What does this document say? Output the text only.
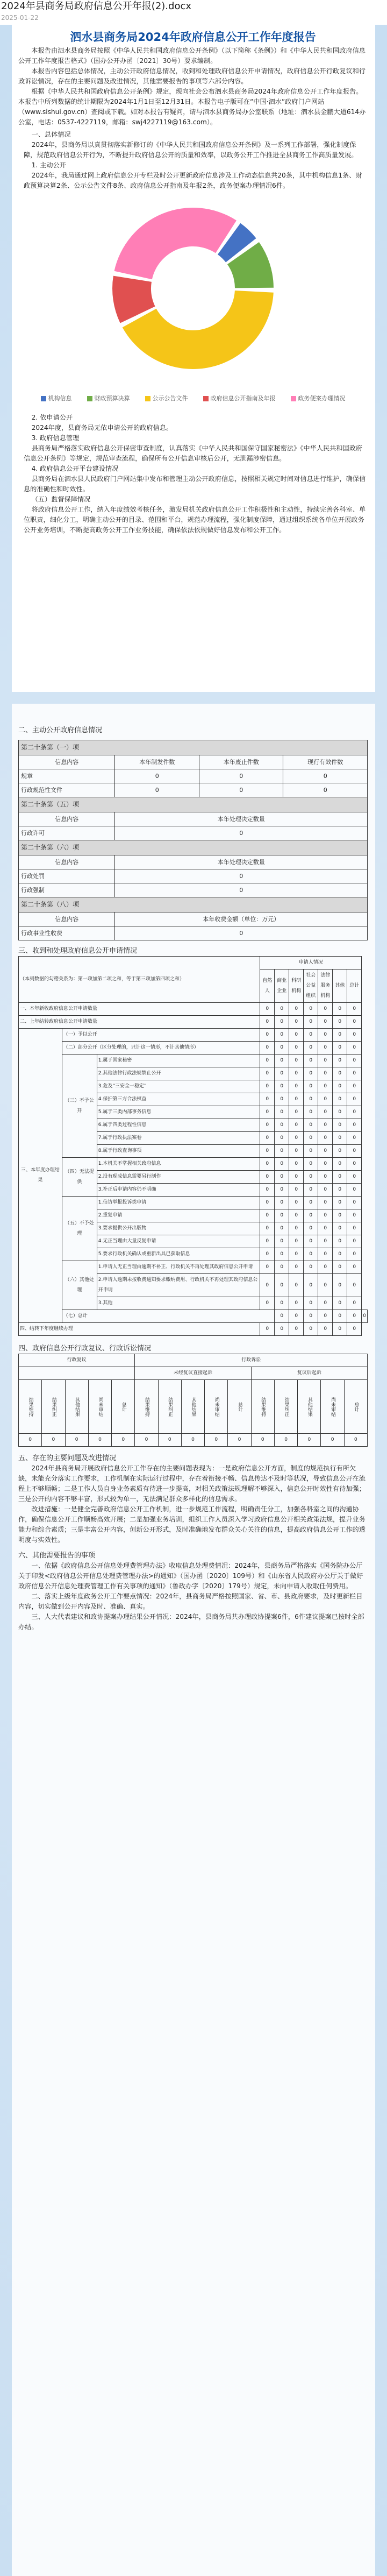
2024年县商务局政府信息公开年报(2).docx
2025-01-22
泗水县商务局2024年政府信息公开工作年度报告

本报告由泗水县商务局按照《中华人民共和国政府信息公开条例》（以下简称《条例》）和《中华人民共和国政府信息公开工作年度报告格式》（国办公开办函〔2021〕30号）要求编制。

本报告内容包括总体情况，主动公开政府信息情况，收到和处理政府信息公开申请情况，政府信息公开行政复议和行政诉讼情况，存在的主要问题及改进情况，其他需要报告的事项等六部分内容。

根据《中华人民共和国政府信息公开条例》规定，现向社会公布泗水县商务局2024年政府信息公开工作年度报告。本报告中所列数据的统计期限为2024年1月1日至12月31日。本报告电子版可在“中国·泗水”政府门户网站（www.sishui.gov.cn）查阅或下载。如对本报告有疑问，请与泗水县商务局办公室联系（地址：泗水县金鹏大道614办公室，电话：0537-4227119，邮箱：swj4227119@163.com）。

一、总体情况

2024年，县商务局以真贯彻落实新修订的《中华人民共和国政府信息公开条例》及一系列工作部署，强化制度保障，规范政府信息公开行为，不断提升政府信息公开的质量和效率，以政务公开工作推进全县商务工作高质量发展。

1. 主动公开

2024年，我局通过网上政府信息公开专栏及时公开更新政府信息涉及工作动态信息共20条，其中机构信息1条、财政预算决算2条、公示公告文件8条、政府信息公开指南及年报2条，政务便案办理情况6件。

机构信息	财政预算决算	公示公告文件	政府信息公开指南及年报	政务便案办理情况

2. 依申请公开

2024年度，县商务局无依申请公开的政府信息。

3. 政府信息管理

县商务局严格落实政府信息公开保密审查制度，认真落实《中华人民共和国保守国家秘密法》《中华人民共和国政府信息公开条例》等规定，规范审查流程，确保所有公开信息审核后公开，无泄漏涉密信息。

4. 政府信息公开平台建设情况

县商务局在泗水县人民政府门户网站集中发布和管理主动公开政府信息，按照相关规定时间对信息进行维护，确保信息的准确性和时效性。

（五）监督保障情况

将政府信息公开工作，纳入年度绩效考核任务，激发局机关政府信息公开工作积极性和主动性，持续完善各科室、单位职责，细化分工，明确主动公开的目录、范围和平台，规范办理流程，强化制度保障，通过组织系统各单位开展政务公开业务培训，不断提高政务公开工作业务技能，确保依法依规做好信息发布和公开工作。

二、主动公开政府信息情况
第二十条第（一）项			
信息内容	本年制发件数	本年废止件数	现行有效件数
规章	0	0	0
行政规范性文件	0	0	0
第二十条第（五）项			
信息内容	本年处理决定数量		
行政许可	0		
第二十条第（六）项			
信息内容	本年处理决定数量		
行政处罚	0		
行政强制	0		
第二十条第（八）项			
信息内容	本年收费金额（单位：万元）		
行政事业性收费	0		
三、收到和处理政府信息公开申请情况
（本列数据的勾稽关系为：第一项加第二项之和，等于第三项加第四项之和）			申请人情况							
			自然人	商业企业	科研机构	社会公益组织	法律服务机构	其他	总计	
一、本年新收政府信息公开申请数量			0	0	0	0	0	0	0	
二、上年结转政府信息公开申请数量			0	0	0	0	0	0	0	
三、本年度办理结果	（一）予以公开		0	0	0	0	0	0	0	
	（二）部分公开（区分处理的，只计这一情形，不计其他情形）		0	0	0	0	0	0	0	
	（三）不予公开	1.属于国家秘密	0	0	0	0	0	0	0	
		2.其他法律行政法规禁止公开	0	0	0	0	0	0	0	
		3.危及“三安全一稳定”	0	0	0	0	0	0	0	
		4.保护第三方合法权益	0	0	0	0	0	0	0	
		5.属于三类内部事务信息	0	0	0	0	0	0	0	
		6.属于四类过程性信息	0	0	0	0	0	0	0	
		7.属于行政执法案卷	0	0	0	0	0	0	0	
		8.属于行政查询事项	0	0	0	0	0	0	0	
	（四）无法提供	1.本机关不掌握相关政府信息	0	0	0	0	0	0	0	
		2.没有现成信息需要另行制作	0	0	0	0	0	0	0	
		3.补正后申请内容仍不明确	0	0	0	0	0	0	0	
	（五）不予处理	1.信访举报投诉类申请	0	0	0	0	0	0	0	
		2.重复申请	0	0	0	0	0	0	0	
		3.要求提供公开出版物	0	0	0	0	0	0	0	
		4.无正当理由大量反复申请	0	0	0	0	0	0	0	
		5.要求行政机关确认或重新出具已获取信息	0	0	0	0	0	0	0	
	（六）其他处理	1.申请人无正当理由逾期不补正、行政机关不再处理其政府信息公开申请	0	0	0	0	0	0	0	
		2.申请人逾期未按收费通知要求缴纳费用、行政机关不再处理其政府信息公开申请	0	0	0	0	0	0	0	
		3.其他	0	0	0	0	0	0	0	
	（七）总计			0	0	0	0	0	0	0
四、结转下年度继续办理			0	0	0	0	0	0	0	
四、政府信息公开行政复议、行政诉讼情况
行政复议					行政诉讼									
					未经复议直接起诉					复议后起诉				
结果维持	结果纠正	其他结果	尚未审结	总计	结果维持	结果纠正	其他结果	尚未审结	总计	结果维持	结果纠正	其他结果	尚未审结	总计
0	0	0	0	0	0	0	0	0	0	0	0	0	0	0
五、存在的主要问题及改进情况

2024年县商务局开展政府信息公开工作存在的主要问题表现为：一是政府信息公开方面，制度的规范执行有所欠缺，未能充分落实工作要求，工作机制在实际运行过程中，存在着衔接不畅、信息传达不及时等状况，导致信息公开在流程上不够顺畅；二是工作人员自身业务素质有待进一步提高，对相关政策法规理解不够深入，信息公开时效性有待加强；三是公开的内容不够丰富，形式较为单一，无法满足群众多样化的信息需求。

改进措施：一是健全完善政府信息公开工作机制，进一步规范工作流程，明确责任分工，加强各科室之间的沟通协作，确保信息公开工作顺畅高效开展；二是加强业务培训，组织工作人员深入学习政府信息公开相关政策法规，提升业务能力和综合素质；三是丰富公开内容，创新公开形式，及时准确地发布群众关心关注的信息，提高政府信息公开工作的透明度与实效性。

六、其他需要报告的事项

一、依据《政府信息公开信息处理费管理办法》收取信息处理费情况：2024年，县商务局严格落实《国务院办公厅关于印发<政府信息公开信息处理费管理办法>的通知》（国办函〔2020〕109号）和《山东省人民政府办公厅关于做好政府信息公开信息处理费管理工作有关事项的通知》（鲁政办字〔2020〕179号）规定，未向申请人收取任何费用。

二、落实上级年度政务公开工作要点情况：2024年，县商务局严格按照国家、省、市、县政府要求，及时更新栏目内容，切实做到公开内容及时、准确、真实。

三、人大代表建议和政协提案办理结果公开情况：2024年，县商务局共办理政协提案6件，6件建议提案已按时全部办结。
